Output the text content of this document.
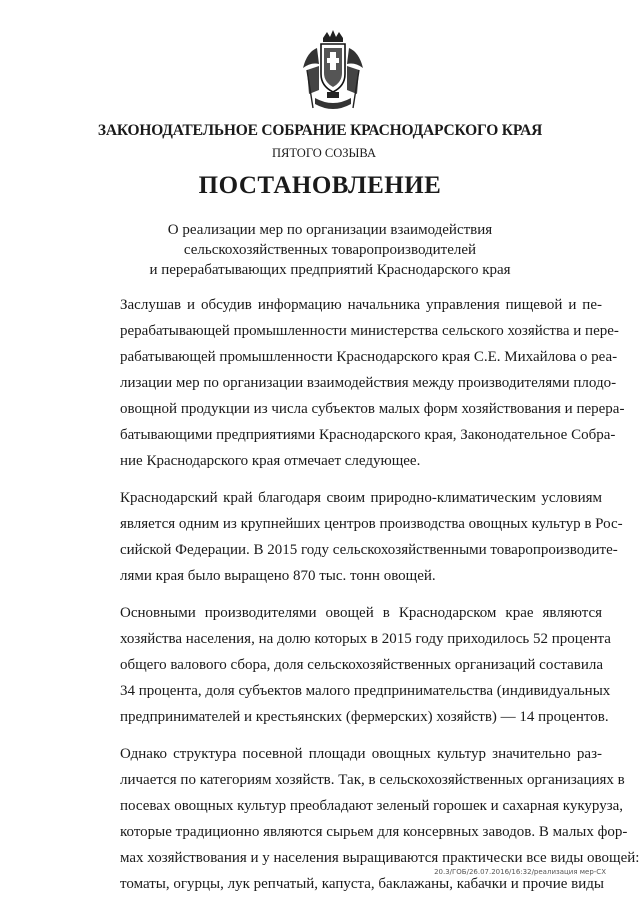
ЗАКОНОДАТЕЛЬНОЕ СОБРАНИЕ КРАСНОДАРСКОГО КРАЯ
ПЯТОГО СОЗЫВА
ПОСТАНОВЛЕНИЕ
О реализации мер по организации взаимодействия
сельскохозяйственных товаропроизводителей
и перерабатывающих предприятий Краснодарского края

Заслушав и обсудив информацию начальника управления пищевой и пе-
рерабатывающей промышленности министерства сельского хозяйства и пере-
рабатывающей промышленности Краснодарского края С.Е. Михайлова о реа-
лизации мер по организации взаимодействия между производителями плодо-
овощной продукции из числа субъектов малых форм хозяйствования и перера-
батывающими предприятиями Краснодарского края, Законодательное Собра-
ние Краснодарского края отмечает следующее.

Краснодарский край благодаря своим природно-климатическим условиям
является одним из крупнейших центров производства овощных культур в Рос-
сийской Федерации. В 2015 году сельскохозяйственными товаропроизводите-
лями края было выращено 870 тыс. тонн овощей.

Основными производителями овощей в Краснодарском крае являются
хозяйства населения, на долю которых в 2015 году приходилось 52 процента
общего валового сбора, доля сельскохозяйственных организаций составила
34 процента, доля субъектов малого предпринимательства (индивидуальных
предпринимателей и крестьянских (фермерских) хозяйств) — 14 процентов.

Однако структура посевной площади овощных культур значительно раз-
личается по категориям хозяйств. Так, в сельскохозяйственных организациях в
посевах овощных культур преобладают зеленый горошек и сахарная кукуруза,
которые традиционно являются сырьем для консервных заводов. В малых фор-
мах хозяйствования и у населения выращиваются практически все виды овощей:
томаты, огурцы, лук репчатый, капуста, баклажаны, кабачки и прочие виды

20.3/ГОБ/26.07.2016/16:32/реализация мер-СХ
